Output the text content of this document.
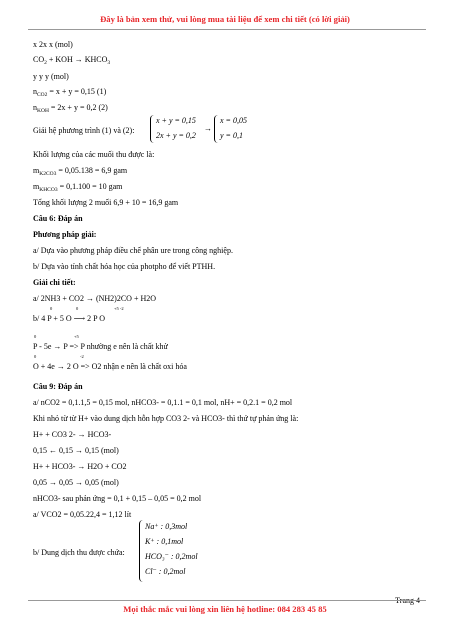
Đây là bản xem thử, vui lòng mua tài liệu để xem chi tiết (có lời giải)
x 2x x (mol)
$CO_2$ + KOH → $KHCO_3$
y y y (mol)
$n_{CO2} = x + y = 0,15$ (1)
$n_{KOH} = 2x + y = 0,2$ (2)
Giải hệ phương trình (1) và (2):
x + y = 0,15
2x + y = 0,2
→
x = 0,05
y = 0,1
Khối lượng của các muối thu được là:
$m_{K2CO3} = 0,05.138 = 6,9$ gam
$m_{KHCO3} = 0,1.100 = 10$ gam
Tổng khối lượng 2 muối 6,9 + 10 = 16,9 gam
Câu 6: Đáp án
Phương pháp giải:
a/ Dựa vào phương pháp điều chế phân ure trong công nghiệp.
b/ Dựa vào tính chất hóa học của photpho để viết PTHH.
Giải chi tiết:
a/ 2NH3 + CO2 → (NH2)2CO + H2O
b/ 4 P + 5 O ⟶ 2 P O
0	0	+5 -2
P - 5e → P => P nhường e nên là chất khử
0	+5
O + 4e → 2 O => O2 nhận e nên là chất oxi hóa
0	-2
Câu 9: Đáp án
a/ nCO2 = 0,1.1,5 = 0,15 mol, nHCO3- = 0,1.1 = 0,1 mol, nH+ = 0,2.1 = 0,2 mol
Khi nhỏ từ từ H+ vào dung dịch hỗn hợp CO3 2- và HCO3- thì thứ tự phản ứng là:
H+ + CO3 2- → HCO3-
0,15 ← 0,15 → 0,15 (mol)
H+ + HCO3- → H2O + CO2
0,05 → 0,05 → 0,05 (mol)
nHCO3- sau phản ứng = 0,1 + 0,15 – 0,05 = 0,2 mol
a/ VCO2 = 0,05.22,4 = 1,12 lít
b/ Dung dịch thu được chứa:
Na⁺ : 0,3mol
K⁺ : 0,1mol
HCO₃⁻ : 0,2mol
Cl⁻ : 0,2mol
Trang 4
Mọi thắc mắc vui lòng xin liên hệ hotline: 084 283 45 85
